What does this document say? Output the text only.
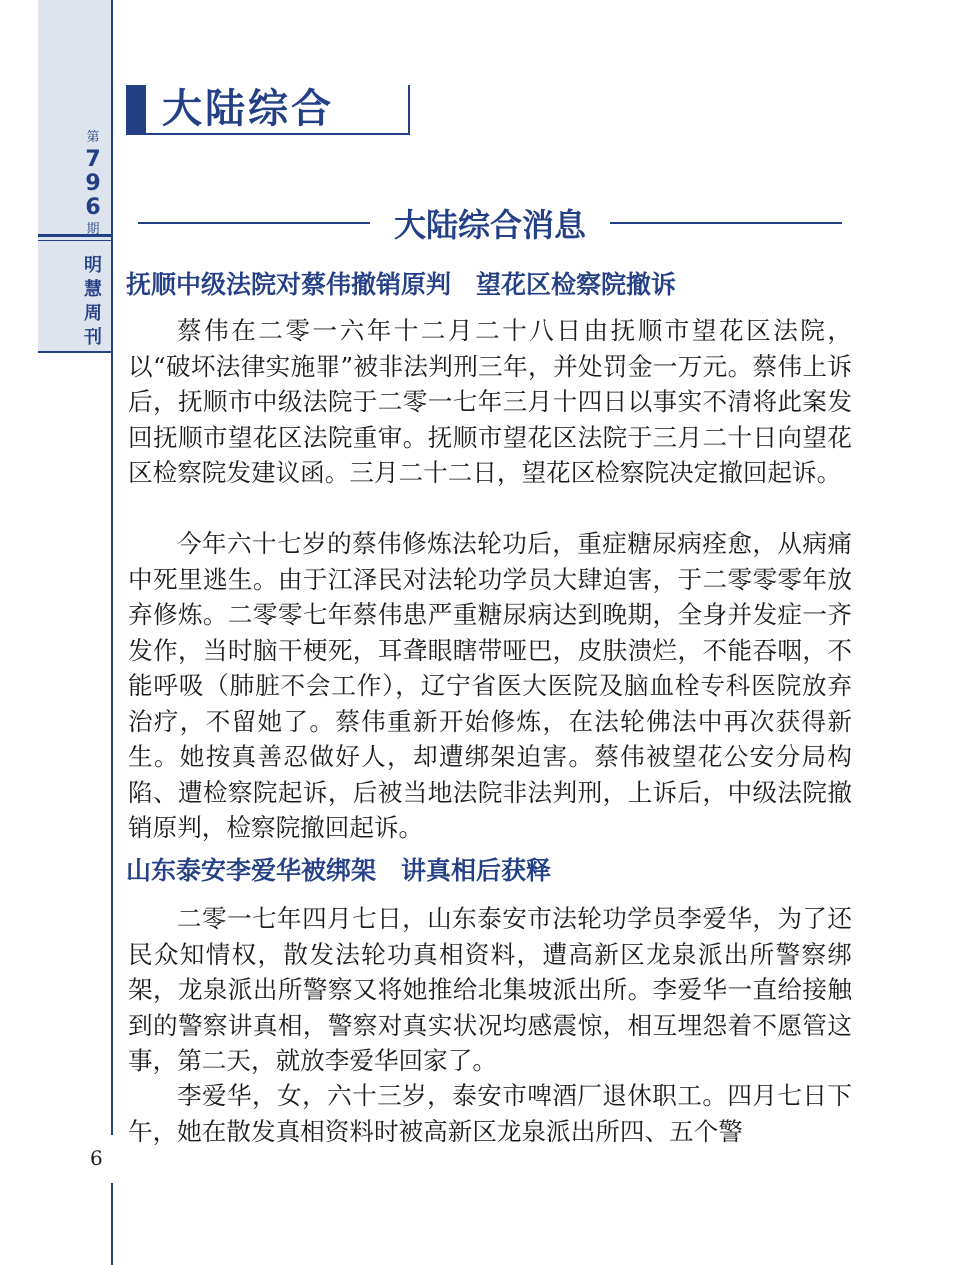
第
7
9
6
期
明
慧
周
刊
大陆综合
大陆综合消息
抚顺中级法院对蔡伟撤销原判　望花区检察院撤诉

蔡伟在二零一六年十二月二十八日由抚顺市望花区法院，以“破坏法律实施罪”被非法判刑三年，并处罚金一万元。蔡伟上诉后，抚顺市中级法院于二零一七年三月十四日以事实不清将此案发回抚顺市望花区法院重审。抚顺市望花区法院于三月二十日向望花区检察院发建议函。三月二十二日，望花区检察院决定撤回起诉。

今年六十七岁的蔡伟修炼法轮功后，重症糖尿病痊愈，从病痛中死里逃生。由于江泽民对法轮功学员大肆迫害，于二零零零年放弃修炼。二零零七年蔡伟患严重糖尿病达到晚期，全身并发症一齐发作，当时脑干梗死，耳聋眼瞎带哑巴，皮肤溃烂，不能吞咽，不能呼吸（肺脏不会工作），辽宁省医大医院及脑血栓专科医院放弃治疗，不留她了。蔡伟重新开始修炼，在法轮佛法中再次获得新生。她按真善忍做好人，却遭绑架迫害。蔡伟被望花公安分局构陷、遭检察院起诉，后被当地法院非法判刑，上诉后，中级法院撤销原判，检察院撤回起诉。

山东泰安李爱华被绑架　讲真相后获释

二零一七年四月七日，山东泰安市法轮功学员李爱华，为了还民众知情权，散发法轮功真相资料，遭高新区龙泉派出所警察绑架，龙泉派出所警察又将她推给北集坡派出所。李爱华一直给接触到的警察讲真相，警察对真实状况均感震惊，相互埋怨着不愿管这事，第二天，就放李爱华回家了。

李爱华，女，六十三岁，泰安市啤酒厂退休职工。四月七日下午，她在散发真相资料时被高新区龙泉派出所四、五个警

6
